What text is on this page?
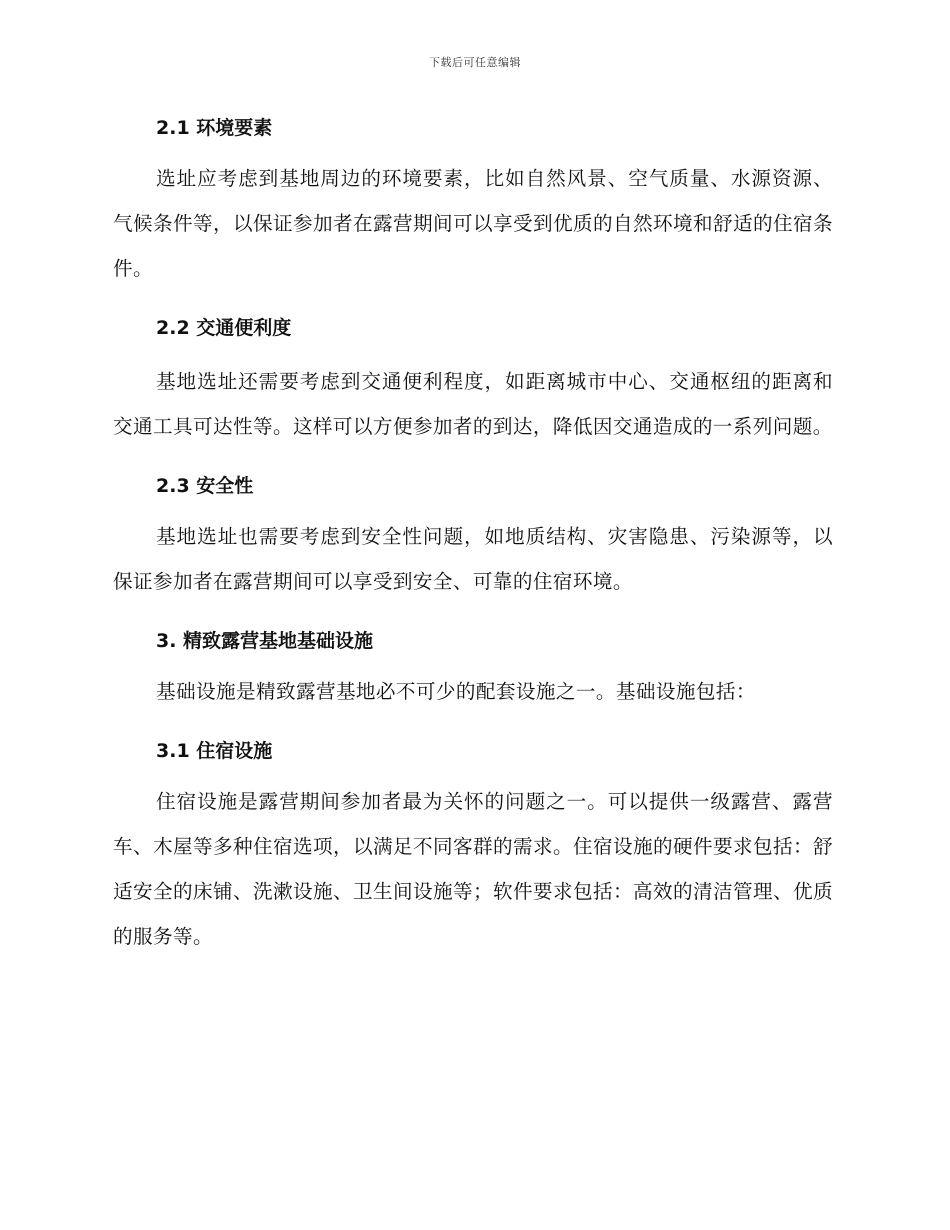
下载后可任意编辑
2.1 环境要素

选址应考虑到基地周边的环境要素，比如自然风景、空气质量、水源资源、气候条件等，以保证参加者在露营期间可以享受到优质的自然环境和舒适的住宿条件。

2.2 交通便利度

基地选址还需要考虑到交通便利程度，如距离城市中心、交通枢纽的距离和交通工具可达性等。这样可以方便参加者的到达，降低因交通造成的一系列问题。

2.3 安全性

基地选址也需要考虑到安全性问题，如地质结构、灾害隐患、污染源等，以保证参加者在露营期间可以享受到安全、可靠的住宿环境。

3. 精致露营基地基础设施

基础设施是精致露营基地必不可少的配套设施之一。基础设施包括：

3.1 住宿设施

住宿设施是露营期间参加者最为关怀的问题之一。可以提供一级露营、露营车、木屋等多种住宿选项，以满足不同客群的需求。住宿设施的硬件要求包括：舒适安全的床铺、洗漱设施、卫生间设施等；软件要求包括：高效的清洁管理、优质的服务等。
